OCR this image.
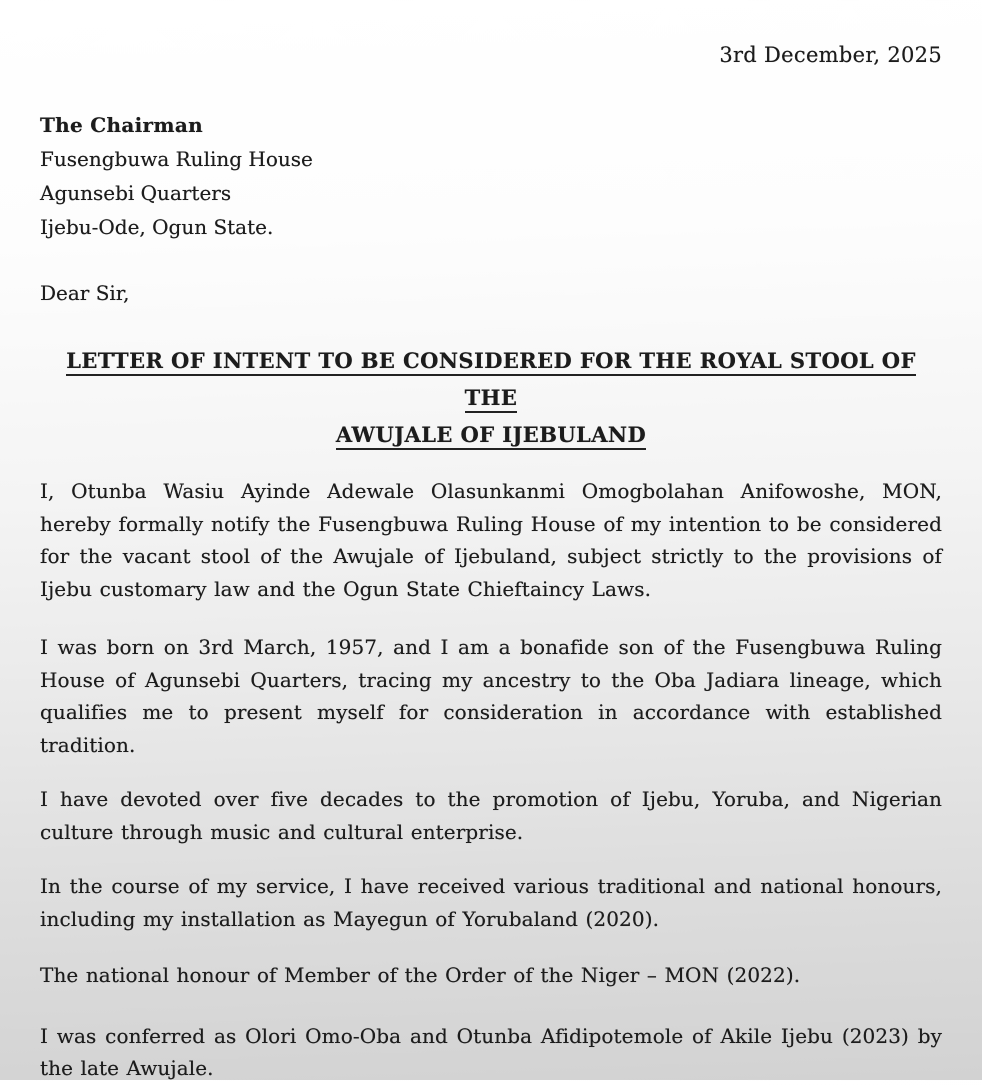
3rd December, 2025
The Chairman
Fusengbuwa Ruling House
Agunsebi Quarters
Ijebu-Ode, Ogun State.
Dear Sir,
LETTER OF INTENT TO BE CONSIDERED FOR THE ROYAL STOOL OF THE
AWUJALE OF IJEBULAND

I, Otunba Wasiu Ayinde Adewale Olasunkanmi Omogbolahan Anifowoshe, MON, hereby formally notify the Fusengbuwa Ruling House of my intention to be considered for the vacant stool of the Awujale of Ijebuland, subject strictly to the provisions of Ijebu customary law and the Ogun State Chieftaincy Laws.

I was born on 3rd March, 1957, and I am a bonafide son of the Fusengbuwa Ruling House of Agunsebi Quarters, tracing my ancestry to the Oba Jadiara lineage, which qualifies me to present myself for consideration in accordance with established tradition.

I have devoted over five decades to the promotion of Ijebu, Yoruba, and Nigerian culture through music and cultural enterprise.

In the course of my service, I have received various traditional and national honours, including my installation as Mayegun of Yorubaland (2020).

The national honour of Member of the Order of the Niger – MON (2022).

I was conferred as Olori Omo-Oba and Otunba Afidipotemole of Akile Ijebu (2023) by the late Awujale.
